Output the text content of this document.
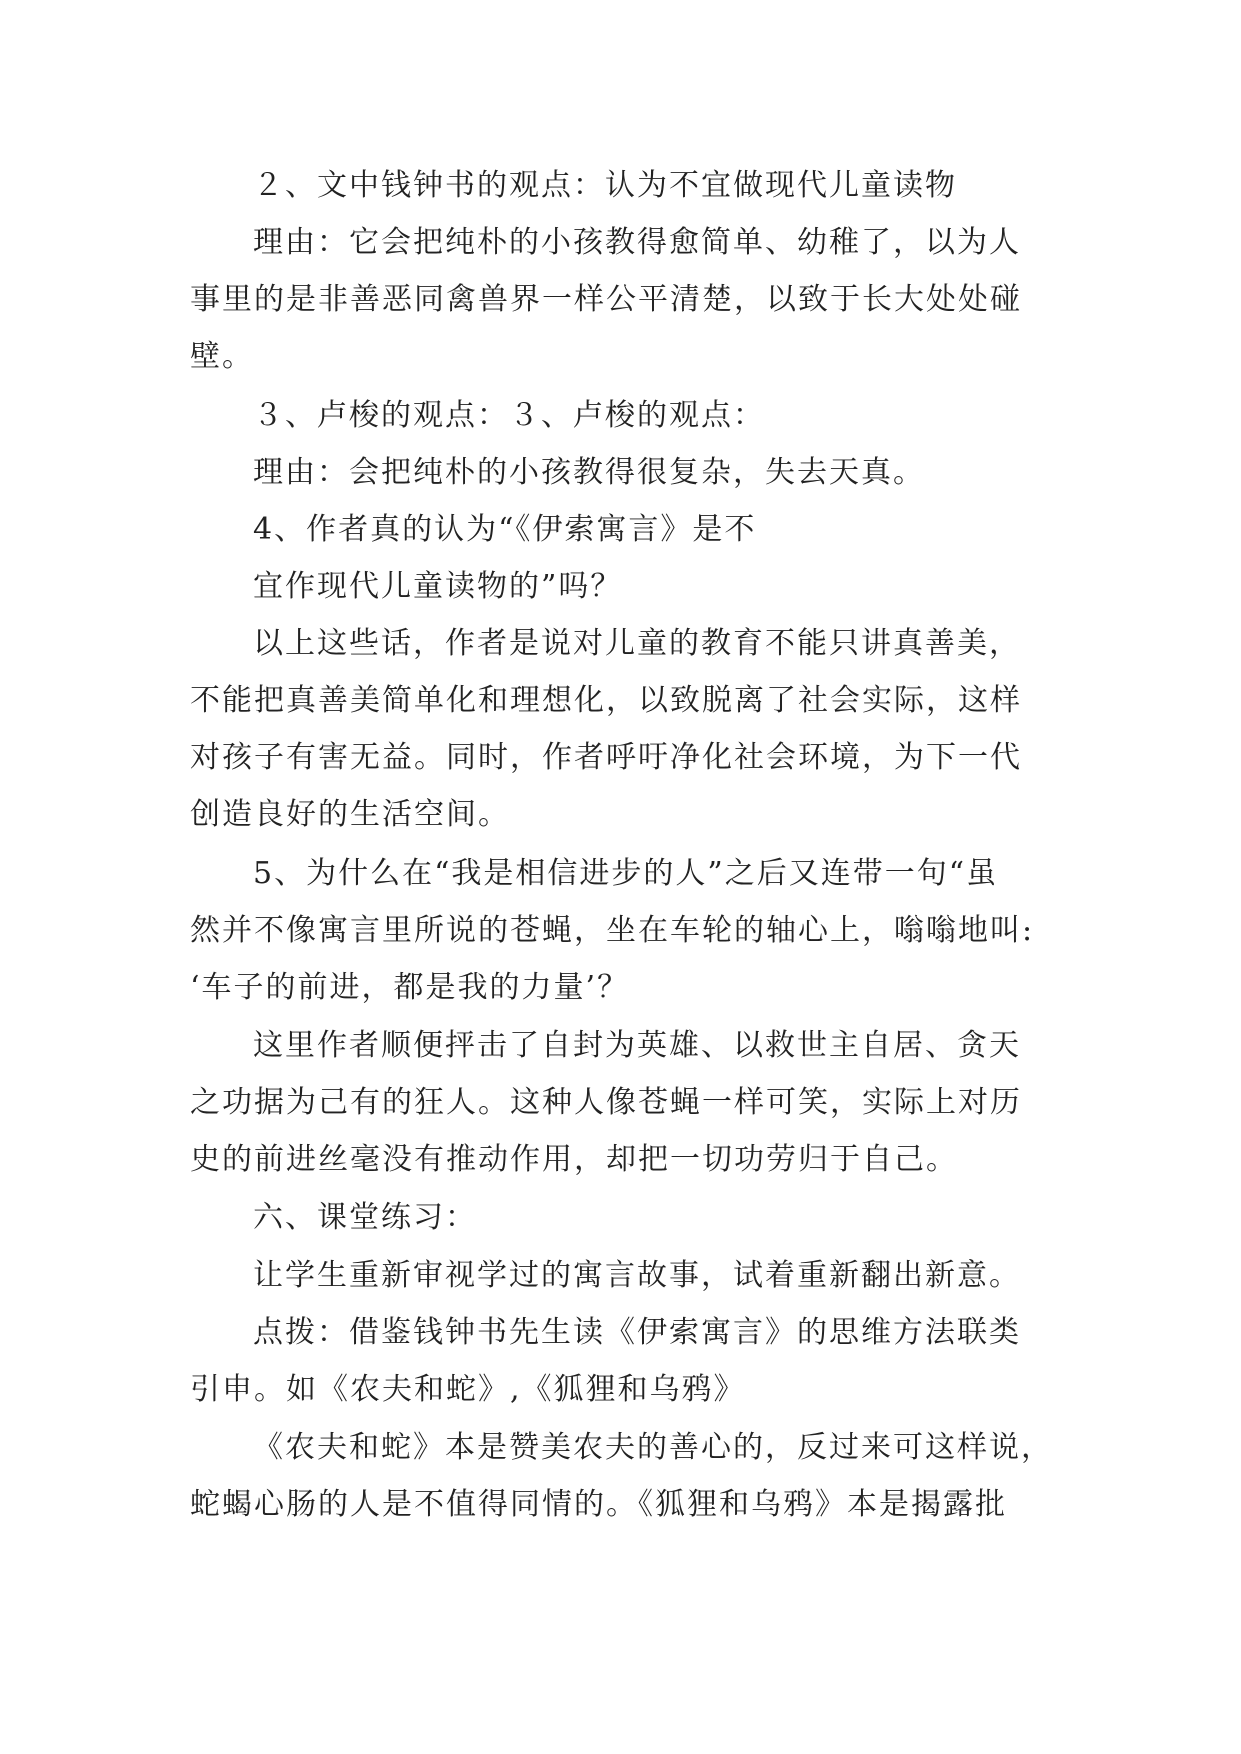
２、文中钱钟书的观点：认为不宜做现代儿童读物
理由：它会把纯朴的小孩教得愈简单、幼稚了，以为人
事里的是非善恶同禽兽界一样公平清楚，以致于长大处处碰
壁。
３、卢梭的观点：３、卢梭的观点：
理由：会把纯朴的小孩教得很复杂，失去天真。
4、作者真的认为“《伊索寓言》是不
宜作现代儿童读物的”吗？
以上这些话，作者是说对儿童的教育不能只讲真善美，
不能把真善美简单化和理想化，以致脱离了社会实际，这样
对孩子有害无益。同时，作者呼吁净化社会环境，为下一代
创造良好的生活空间。
5、为什么在“我是相信进步的人”之后又连带一句“虽
然并不像寓言里所说的苍蝇，坐在车轮的轴心上，嗡嗡地叫:
‘车子的前进，都是我的力量’？
这里作者顺便抨击了自封为英雄、以救世主自居、贪天
之功据为己有的狂人。这种人像苍蝇一样可笑，实际上对历
史的前进丝毫没有推动作用，却把一切功劳归于自己。
六、课堂练习：
让学生重新审视学过的寓言故事，试着重新翻出新意。
点拨：借鉴钱钟书先生读《伊索寓言》的思维方法联类
引申。如《农夫和蛇》,《狐狸和乌鸦》
《农夫和蛇》本是赞美农夫的善心的，反过来可这样说，
蛇蝎心肠的人是不值得同情的。《狐狸和乌鸦》本是揭露批
